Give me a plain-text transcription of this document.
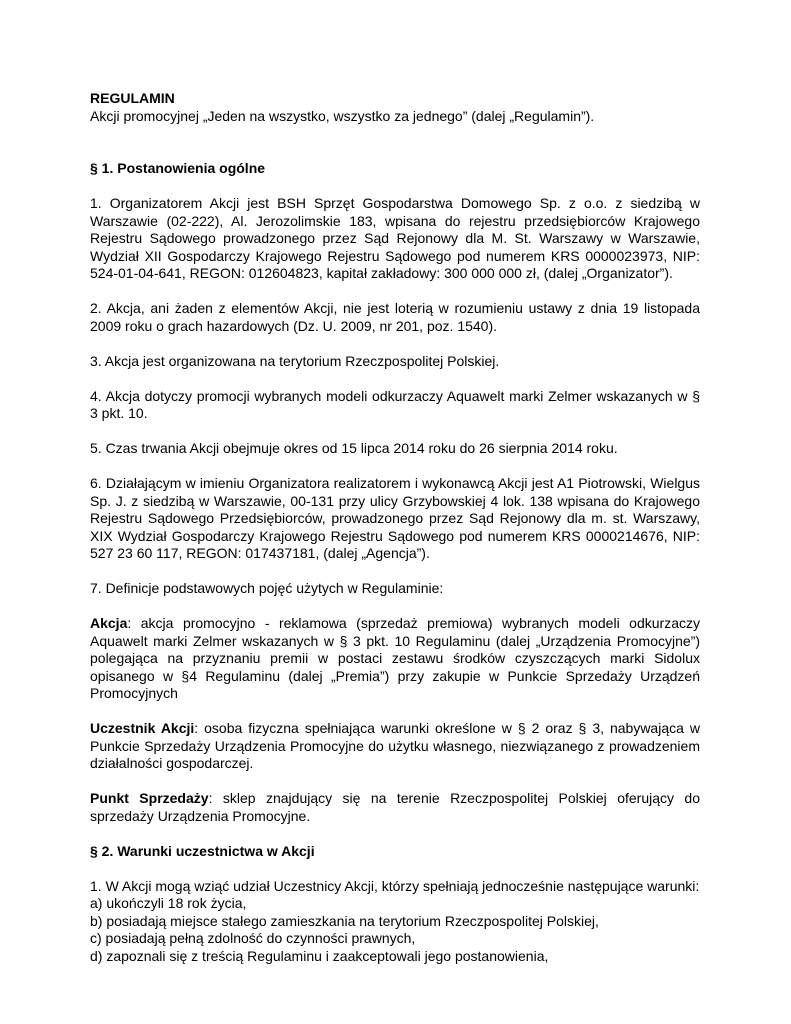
REGULAMIN

Akcji promocyjnej „Jeden na wszystko, wszystko za jednego” (dalej „Regulamin”).

§ 1. Postanowienia ogólne

1. Organizatorem Akcji jest BSH Sprzęt Gospodarstwa Domowego Sp. z o.o. z siedzibą w Warszawie (02-222), Al. Jerozolimskie 183, wpisana do rejestru przedsiębiorców Krajowego Rejestru Sądowego prowadzonego przez Sąd Rejonowy dla M. St. Warszawy w Warszawie, Wydział XII Gospodarczy Krajowego Rejestru Sądowego pod numerem KRS 0000023973, NIP: 524-01-04-641, REGON: 012604823, kapitał zakładowy: 300 000 000 zł, (dalej „Organizator”).

2. Akcja, ani żaden z elementów Akcji, nie jest loterią w rozumieniu ustawy z dnia 19 listopada 2009 roku o grach hazardowych (Dz. U. 2009, nr 201, poz. 1540).

3. Akcja jest organizowana na terytorium Rzeczpospolitej Polskiej.

4. Akcja dotyczy promocji wybranych modeli odkurzaczy Aquawelt marki Zelmer wskazanych w § 3 pkt. 10.

5. Czas trwania Akcji obejmuje okres od 15 lipca 2014 roku do 26 sierpnia 2014 roku.

6. Działającym w imieniu Organizatora realizatorem i wykonawcą Akcji jest A1 Piotrowski, Wielgus Sp. J. z siedzibą w Warszawie, 00-131 przy ulicy Grzybowskiej 4 lok. 138 wpisana do Krajowego Rejestru Sądowego Przedsiębiorców, prowadzonego przez Sąd Rejonowy dla m. st. Warszawy, XIX Wydział Gospodarczy Krajowego Rejestru Sądowego pod numerem KRS 0000214676, NIP: 527 23 60 117, REGON: 017437181, (dalej „Agencja”).

7. Definicje podstawowych pojęć użytych w Regulaminie:

Akcja: akcja promocyjno - reklamowa (sprzedaż premiowa) wybranych modeli odkurzaczy Aquawelt marki Zelmer wskazanych w § 3 pkt. 10 Regulaminu (dalej „Urządzenia Promocyjne”) polegająca na przyznaniu premii w postaci zestawu środków czyszczących marki Sidolux opisanego w §4 Regulaminu (dalej „Premia”) przy zakupie w Punkcie Sprzedaży Urządzeń Promocyjnych

Uczestnik Akcji: osoba fizyczna spełniająca warunki określone w § 2 oraz § 3, nabywająca w Punkcie Sprzedaży Urządzenia Promocyjne do użytku własnego, niezwiązanego z prowadzeniem działalności gospodarczej.

Punkt Sprzedaży: sklep znajdujący się na terenie Rzeczpospolitej Polskiej oferujący do sprzedaży Urządzenia Promocyjne.

§ 2. Warunki uczestnictwa w Akcji

1. W Akcji mogą wziąć udział Uczestnicy Akcji, którzy spełniają jednocześnie następujące warunki:

a) ukończyli 18 rok życia,

b) posiadają miejsce stałego zamieszkania na terytorium Rzeczpospolitej Polskiej,

c) posiadają pełną zdolność do czynności prawnych,

d) zapoznali się z treścią Regulaminu i zaakceptowali jego postanowienia,
